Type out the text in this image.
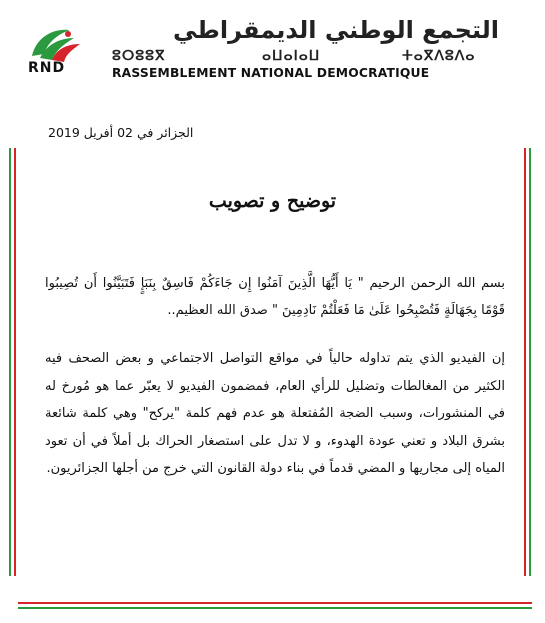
RND
التجمع الوطني الديمقراطي
ⵓⵔⵓⵓⴳ	ⴰⵡⴰⵏⴰⵡ	ⵜⴰⴳⴷⵓⴷⴰ
RASSEMBLEMENT NATIONAL DEMOCRATIQUE
الجزائر في 02 أفريل 2019
توضيح و تصويب
بسم الله الرحمن الرحيم " يَا أَيُّهَا الَّذِينَ آمَنُوا إِن جَاءَكُمْ فَاسِقٌ بِنَبَإٍ فَتَبَيَّنُوا أَن تُصِيبُوا قَوْمًا بِجَهَالَةٍ فَتُصْبِحُوا عَلَىٰ مَا فَعَلْتُمْ نَادِمِينَ " صدق الله العظيم..
إن الفيديو الذي يتم تداوله حالياً في مواقع التواصل الاجتماعي و بعض الصحف فيه الكثير من المغالطات وتضليل للرأي العام، فمضمون الفيديو لا يعبّر عما هو مُورخ له في المنشورات، وسبب الضجة المُفتعلة هو عدم فهم كلمة "يركح" وهي كلمة شائعة بشرق البلاد و تعني عودة الهدوء، و لا تدل على استصغار الحراك بل أملاً في أن تعود المياه إلى مجاريها و المضي قدماً في بناء دولة القانون التي خرج من أجلها الجزائريون.
